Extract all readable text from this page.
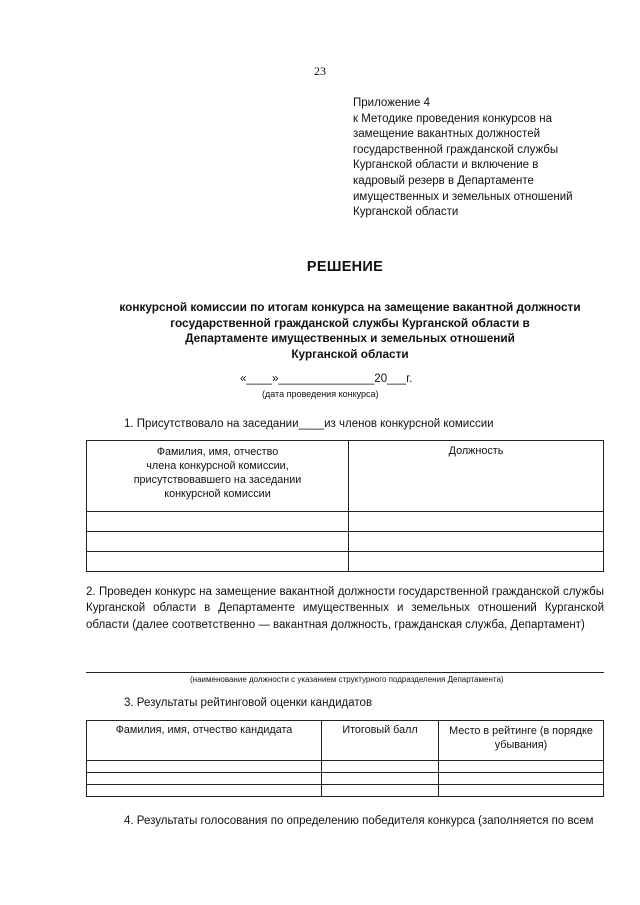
23
Приложение 4
к Методике проведения конкурсов на
замещение вакантных должностей
государственной гражданской службы
Курганской области и включение в
кадровый резерв в Департаменте
имущественных и земельных отношений
Курганской области
РЕШЕНИЕ
конкурсной комиссии по итогам конкурса на замещение вакантной должности
государственной гражданской службы Курганской области в
Департаменте имущественных и земельных отношений
Курганской области
«____»_______________20___г.
(дата проведения конкурса)
1. Присутствовало на заседании____из членов конкурсной комиссии
Фамилия, имя, отчество
члена конкурсной комиссии,
присутствовавшего на заседании
конкурсной комиссии	Должность

2. Проведен конкурс на замещение вакантной должности государственной гражданской службы Курганской области в Департаменте имущественных и земельных отношений Курганской области (далее соответственно — вакантная должность, гражданская служба, Департамент)
(наименование должности с указанием структурного подразделения Департамента)
3. Результаты рейтинговой оценки кандидатов
Фамилия, имя, отчество кандидата	Итоговый балл	Место в рейтинге (в порядке убывания)

4. Результаты голосования по определению победителя конкурса (заполняется по всем
